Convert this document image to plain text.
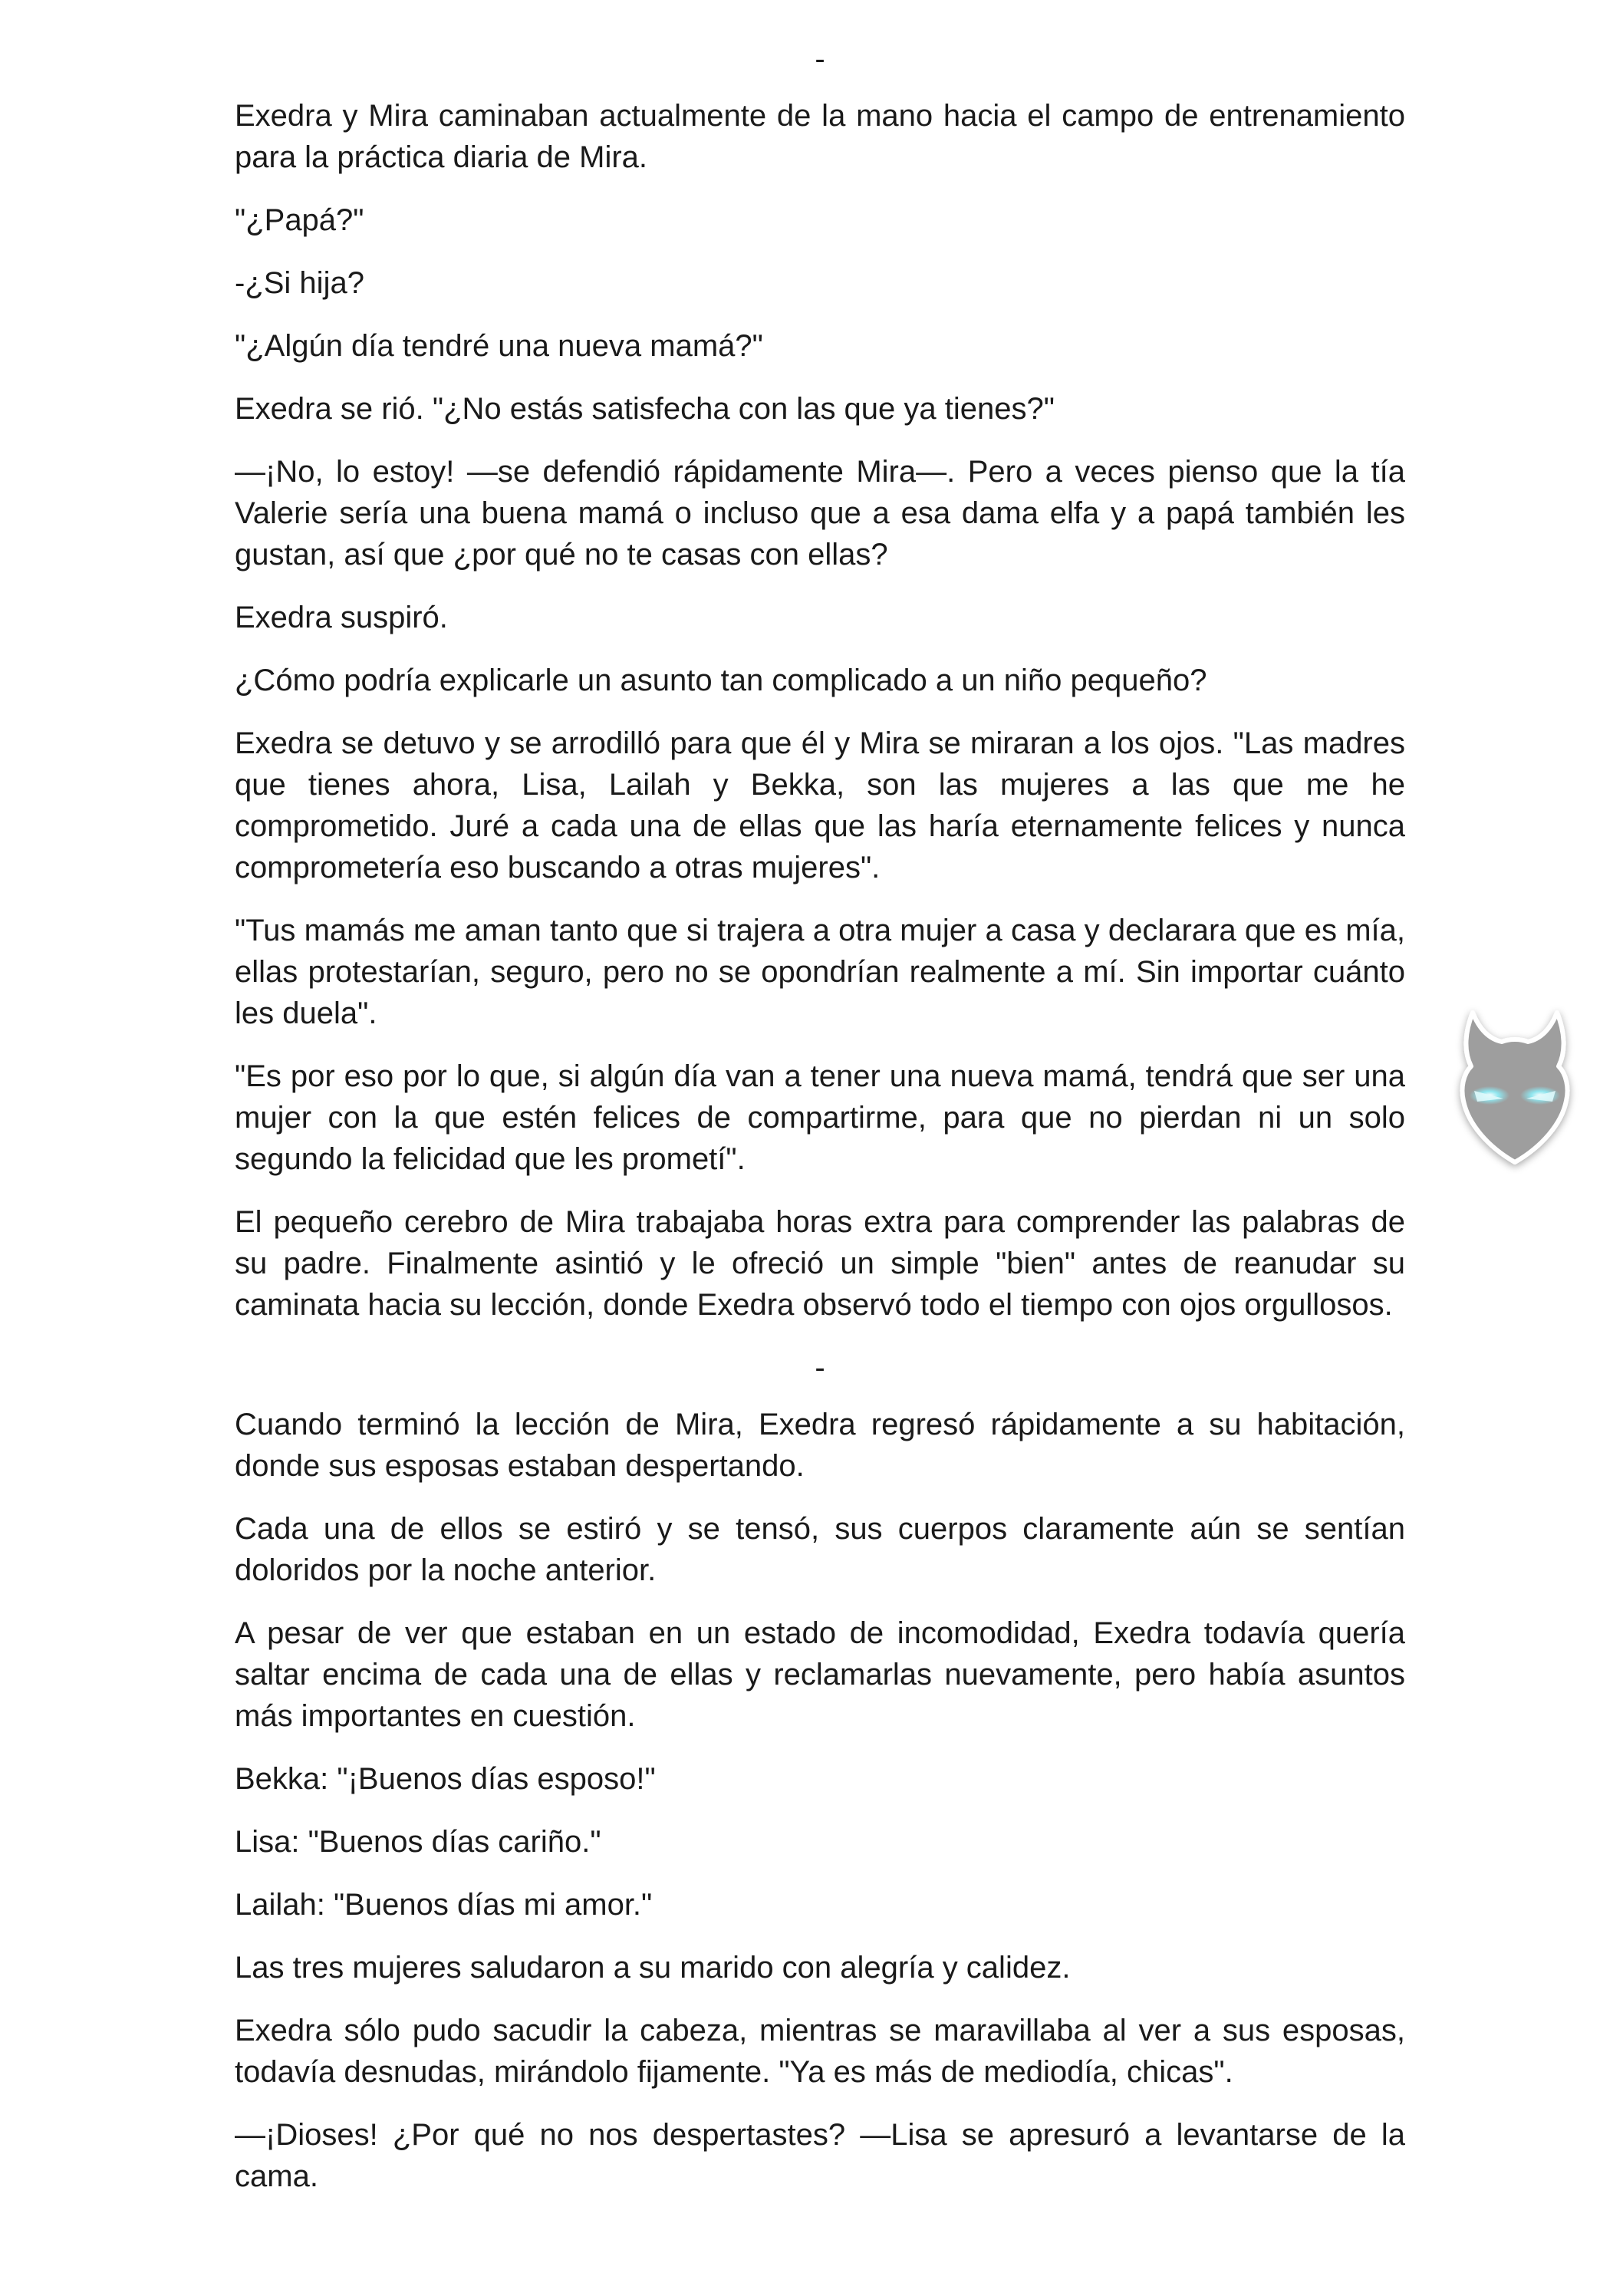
-
Exedra y Mira caminaban actualmente de la mano hacia el campo de entrenamiento para la práctica diaria de Mira.
"¿Papá?"
-¿Si hija?
"¿Algún día tendré una nueva mamá?"
Exedra se rió. "¿No estás satisfecha con las que ya tienes?"
—¡No, lo estoy! —se defendió rápidamente Mira—. Pero a veces pienso que la tía Valerie sería una buena mamá o incluso que a esa dama elfa y a papá también les gustan, así que ¿por qué no te casas con ellas?
Exedra suspiró.
¿Cómo podría explicarle un asunto tan complicado a un niño pequeño?
Exedra se detuvo y se arrodilló para que él y Mira se miraran a los ojos. "Las madres que tienes ahora, Lisa, Lailah y Bekka, son las mujeres a las que me he comprometido. Juré a cada una de ellas que las haría eternamente felices y nunca comprometería eso buscando a otras mujeres".
"Tus mamás me aman tanto que si trajera a otra mujer a casa y declarara que es mía, ellas protestarían, seguro, pero no se opondrían realmente a mí. Sin importar cuánto les duela".
"Es por eso por lo que, si algún día van a tener una nueva mamá, tendrá que ser una mujer con la que estén felices de compartirme, para que no pierdan ni un solo segundo la felicidad que les prometí".
El pequeño cerebro de Mira trabajaba horas extra para comprender las palabras de su padre. Finalmente asintió y le ofreció un simple "bien" antes de reanudar su caminata hacia su lección, donde Exedra observó todo el tiempo con ojos orgullosos.
-
Cuando terminó la lección de Mira, Exedra regresó rápidamente a su habitación, donde sus esposas estaban despertando.
Cada una de ellos se estiró y se tensó, sus cuerpos claramente aún se sentían doloridos por la noche anterior.
A pesar de ver que estaban en un estado de incomodidad, Exedra todavía quería saltar encima de cada una de ellas y reclamarlas nuevamente, pero había asuntos más importantes en cuestión.
Bekka: "¡Buenos días esposo!"
Lisa: "Buenos días cariño."
Lailah: "Buenos días mi amor."
Las tres mujeres saludaron a su marido con alegría y calidez.
Exedra sólo pudo sacudir la cabeza, mientras se maravillaba al ver a sus esposas, todavía desnudas, mirándolo fijamente. "Ya es más de mediodía, chicas".
—¡Dioses! ¿Por qué no nos despertastes? —Lisa se apresuró a levantarse de la cama.
